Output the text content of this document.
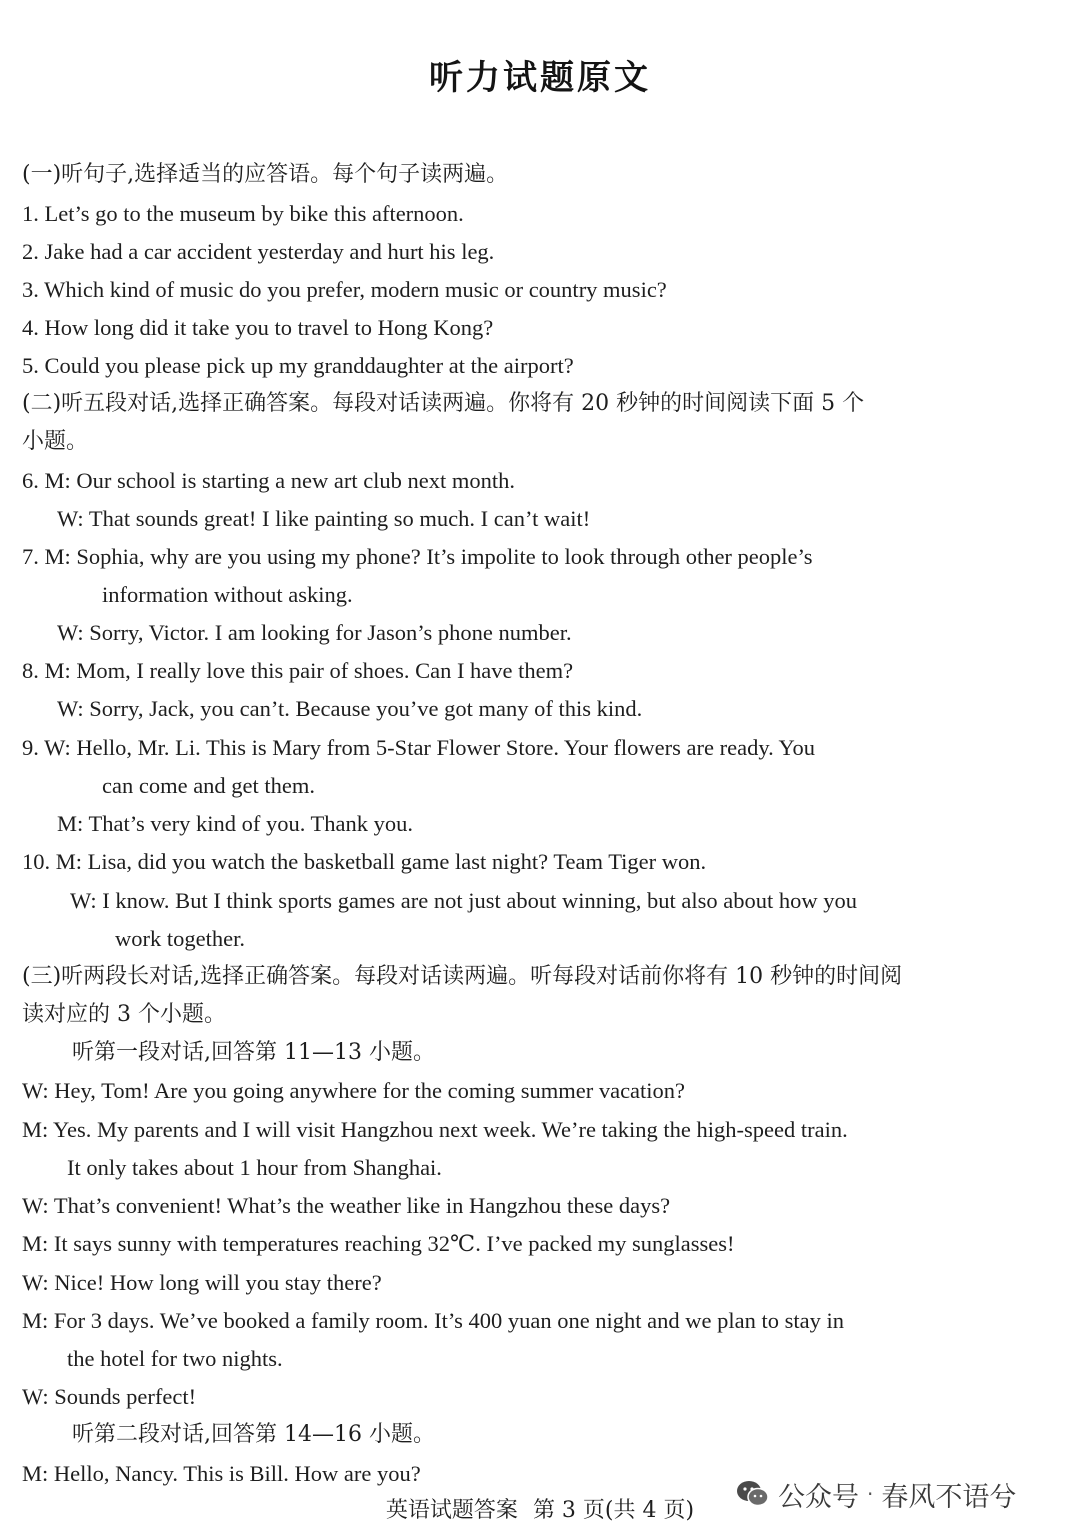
听力试题原文
(一)听句子,选择适当的应答语。每个句子读两遍。
1. Let’s go to the museum by bike this afternoon.
2. Jake had a car accident yesterday and hurt his leg.
3. Which kind of music do you prefer, modern music or country music?
4. How long did it take you to travel to Hong Kong?
5. Could you please pick up my granddaughter at the airport?
(二)听五段对话,选择正确答案。每段对话读两遍。你将有 20 秒钟的时间阅读下面 5 个
小题。
6. M: Our school is starting a new art club next month.
W: That sounds great! I like painting so much. I can’t wait!
7. M: Sophia, why are you using my phone? It’s impolite to look through other people’s
information without asking.
W: Sorry, Victor. I am looking for Jason’s phone number.
8. M: Mom, I really love this pair of shoes. Can I have them?
W: Sorry, Jack, you can’t. Because you’ve got many of this kind.
9. W: Hello, Mr. Li. This is Mary from 5-Star Flower Store. Your flowers are ready. You
can come and get them.
M: That’s very kind of you. Thank you.
10. M: Lisa, did you watch the basketball game last night? Team Tiger won.
W: I know. But I think sports games are not just about winning, but also about how you
work together.
(三)听两段长对话,选择正确答案。每段对话读两遍。听每段对话前你将有 10 秒钟的时间阅
读对应的 3 个小题。
听第一段对话,回答第 11—13 小题。
W: Hey, Tom! Are you going anywhere for the coming summer vacation?
M: Yes. My parents and I will visit Hangzhou next week. We’re taking the high-speed train.
It only takes about 1 hour from Shanghai.
W: That’s convenient! What’s the weather like in Hangzhou these days?
M: It says sunny with temperatures reaching 32℃. I’ve packed my sunglasses!
W: Nice! How long will you stay there?
M: For 3 days. We’ve booked a family room. It’s 400 yuan one night and we plan to stay in
the hotel for two nights.
W: Sounds perfect!
听第二段对话,回答第 14—16 小题。
M: Hello, Nancy. This is Bill. How are you?
英语试题答案 第 3 页(共 4 页)	公众号 · 春风不语兮
